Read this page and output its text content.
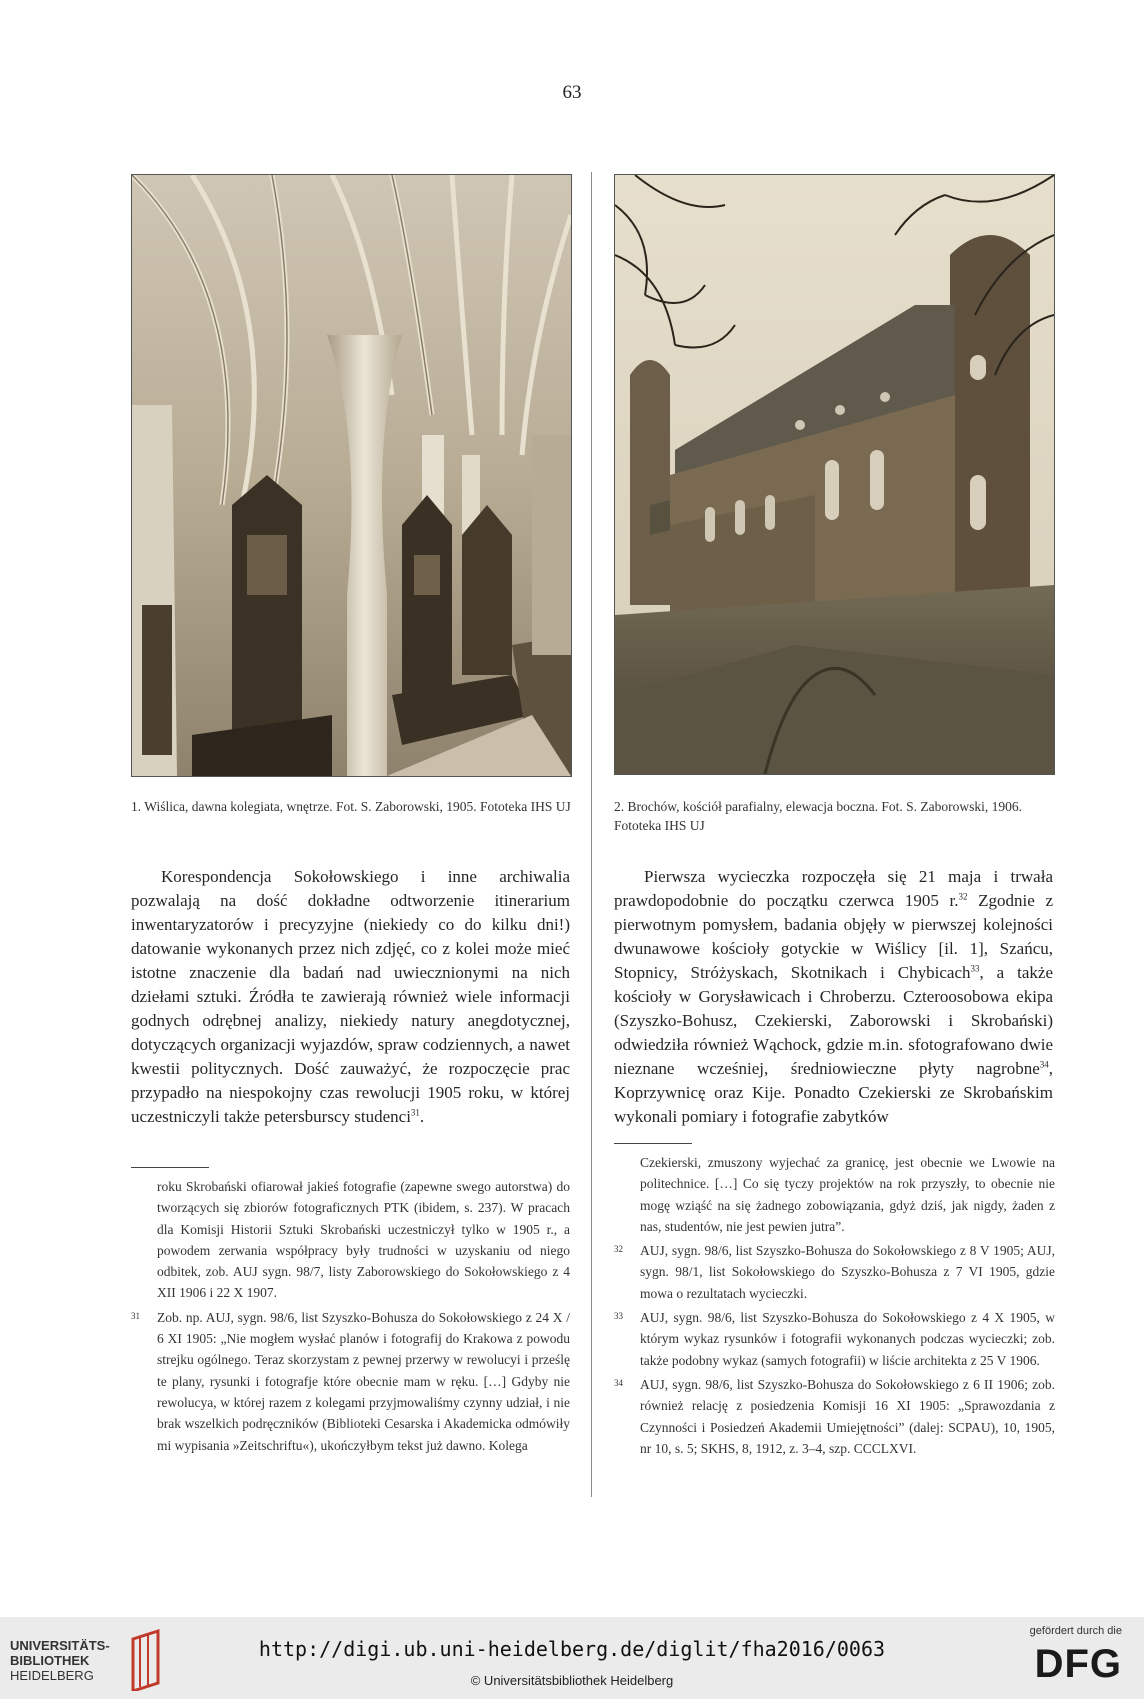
63
1. Wiślica, dawna kolegiata, wnętrze. Fot. S. Zaborowski, 1905. Fototeka IHS UJ	2. Brochów, kościół parafialny, elewacja boczna. Fot. S. Zaborowski, 1906. Fototeka IHS UJ

Korespondencja Sokołowskiego i inne archiwalia pozwalają na dość dokładne odtworzenie itinerarium inwentaryzatorów i precyzyjne (niekiedy co do kilku dni!) datowanie wykonanych przez nich zdjęć, co z kolei może mieć istotne znaczenie dla badań nad uwiecznionymi na nich dziełami sztuki. Źródła te zawierają również wiele informacji godnych odrębnej analizy, niekiedy natury anegdotycznej, dotyczących organizacji wyjazdów, spraw codziennych, a nawet kwestii politycznych. Dość zauważyć, że rozpoczęcie prac przypadło na niespokojny czas rewolucji 1905 roku, w której uczestniczyli także petersburscy studenci$^{31}$.

Pierwsza wycieczka rozpoczęła się 21 maja i trwała prawdopodobnie do początku czerwca 1905 r.$^{32}$ Zgodnie z pierwotnym pomysłem, badania objęły w pierwszej kolejności dwunawowe kościoły gotyckie w Wiślicy [il. 1], Szańcu, Stopnicy, Stróżyskach, Skotnikach i Chybicach$^{33}$, a także kościoły w Gorysławicach i Chroberzu. Czteroosobowa ekipa (Szyszko-Bohusz, Czekierski, Zaborowski i Skrobański) odwiedziła również Wąchock, gdzie m.in. sfotografowano dwie nieznane wcześniej, średniowieczne płyty nagrobne$^{34}$, Koprzywnicę oraz Kije. Ponadto Czekierski ze Skrobańskim wykonali pomiary i fotografie zabytków

roku Skrobański ofiarował jakieś fotografie (zapewne swego autorstwa) do tworzących się zbiorów fotograficznych PTK (ibidem, s. 237). W pracach dla Komisji Historii Sztuki Skrobański uczestniczył tylko w 1905 r., a powodem zerwania współpracy były trudności w uzyskaniu od niego odbitek, zob. AUJ sygn. 98/7, listy Zaborowskiego do Sokołowskiego z 4 XII 1906 i 22 X 1907.
31	Zob. np. AUJ, sygn. 98/6, list Szyszko-Bohusza do Sokołowskiego z 24 X / 6 XI 1905: „Nie mogłem wysłać planów i fotografij do Krakowa z powodu strejku ogólnego. Teraz skorzystam z pewnej przerwy w rewolucyi i prześlę te plany, rysunki i fotografje które obecnie mam w ręku. […] Gdyby nie rewolucya, w której razem z kolegami przyjmowaliśmy czynny udział, i nie brak wszelkich podręczników (Biblioteki Cesarska i Akademicka odmówiły mi wypisania »Zeitschriftu«), ukończyłbym tekst już dawno. Kolega
Czekierski, zmuszony wyjechać za granicę, jest obecnie we Lwowie na politechnice. […] Co się tyczy projektów na rok przyszły, to obecnie nie mogę wziąść na się żadnego zobowiązania, gdyż dziś, jak nigdy, żaden z nas, studentów, nie jest pewien jutra”.
32	AUJ, sygn. 98/6, list Szyszko-Bohusza do Sokołowskiego z 8 V 1905; AUJ, sygn. 98/1, list Sokołowskiego do Szyszko-Bohusza z 7 VI 1905, gdzie mowa o rezultatach wycieczki.
33	AUJ, sygn. 98/6, list Szyszko-Bohusza do Sokołowskiego z 4 X 1905, w którym wykaz rysunków i fotografii wykonanych podczas wycieczki; zob. także podobny wykaz (samych fotografii) w liście architekta z 25 V 1906.
34	AUJ, sygn. 98/6, list Szyszko-Bohusza do Sokołowskiego z 6 II 1906; zob. również relację z posiedzenia Komisji 16 XI 1905: „Sprawozdania z Czynności i Posiedzeń Akademii Umiejętności” (dalej: SCPAU), 10, 1905, nr 10, s. 5; SKHS, 8, 1912, z. 3–4, szp. CCCLXVI.
UNIVERSITÄTS-
BIBLIOTHEK
HEIDELBERG
http://digi.ub.uni-heidelberg.de/diglit/fha2016/0063
© Universitätsbibliothek Heidelberg
gefördert durch die
DFG
